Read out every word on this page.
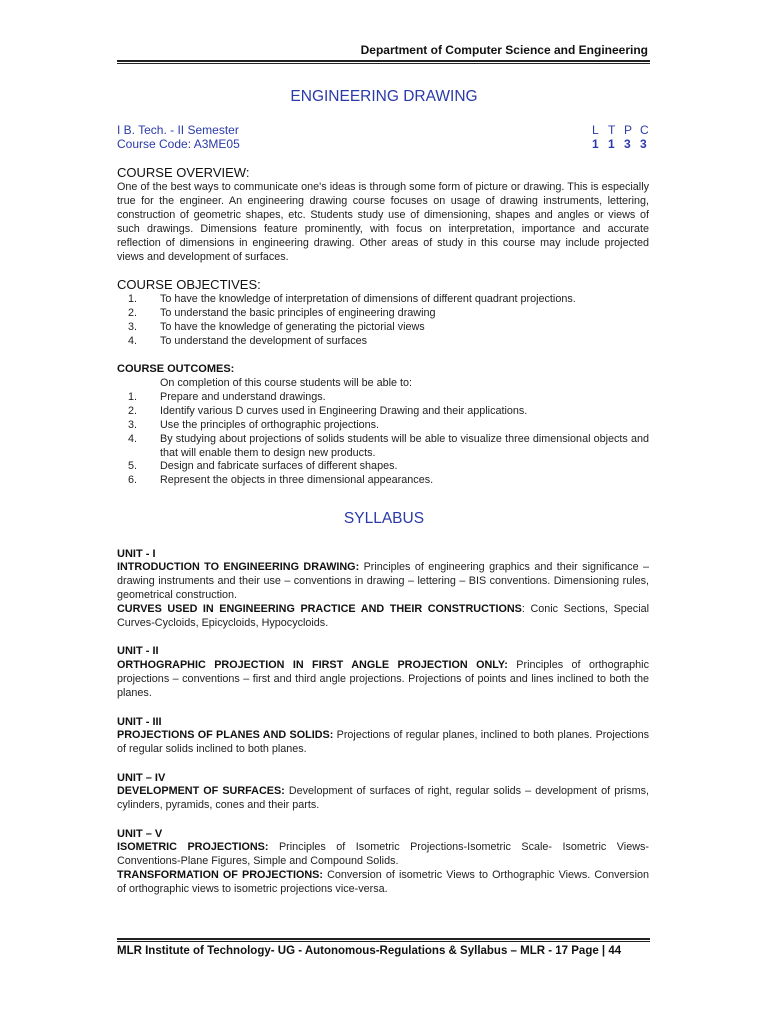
Department of Computer Science and Engineering
ENGINEERING DRAWING
I B. Tech. - II Semester
Course Code: A3ME05
L T P C
1 1 3 3
COURSE OVERVIEW:
One of the best ways to communicate one's ideas is through some form of picture or drawing. This is especially true for the engineer. An engineering drawing course focuses on usage of drawing instruments, lettering, construction of geometric shapes, etc. Students study use of dimensioning, shapes and angles or views of such drawings. Dimensions feature prominently, with focus on interpretation, importance and accurate reflection of dimensions in engineering drawing. Other areas of study in this course may include projected views and development of surfaces.
COURSE OBJECTIVES:
1.	To have the knowledge of interpretation of dimensions of different quadrant projections.
2.	To understand the basic principles of engineering drawing
3.	To have the knowledge of generating the pictorial views
4.	To understand the development of surfaces
COURSE OUTCOMES:
On completion of this course students will be able to:
1.	Prepare and understand drawings.
2.	Identify various D curves used in Engineering Drawing and their applications.
3.	Use the principles of orthographic projections.
4.	By studying about projections of solids students will be able to visualize three dimensional objects and that will enable them to design new products.
5.	Design and fabricate surfaces of different shapes.
6.	Represent the objects in three dimensional appearances.
SYLLABUS
UNIT - I
INTRODUCTION TO ENGINEERING DRAWING: Principles of engineering graphics and their significance – drawing instruments and their use – conventions in drawing – lettering – BIS conventions. Dimensioning rules, geometrical construction.
CURVES USED IN ENGINEERING PRACTICE AND THEIR CONSTRUCTIONS: Conic Sections, Special Curves-Cycloids, Epicycloids, Hypocycloids.
UNIT - II
ORTHOGRAPHIC PROJECTION IN FIRST ANGLE PROJECTION ONLY: Principles of orthographic projections – conventions – first and third angle projections. Projections of points and lines inclined to both the planes.
UNIT - III
PROJECTIONS OF PLANES AND SOLIDS: Projections of regular planes, inclined to both planes. Projections of regular solids inclined to both planes.
UNIT – IV
DEVELOPMENT OF SURFACES: Development of surfaces of right, regular solids – development of prisms, cylinders, pyramids, cones and their parts.
UNIT – V
ISOMETRIC PROJECTIONS: Principles of Isometric Projections-Isometric Scale- Isometric Views-Conventions-Plane Figures, Simple and Compound Solids.
TRANSFORMATION OF PROJECTIONS: Conversion of isometric Views to Orthographic Views. Conversion of orthographic views to isometric projections vice-versa.
MLR Institute of Technology- UG - Autonomous-Regulations & Syllabus – MLR - 17 Page | 44
